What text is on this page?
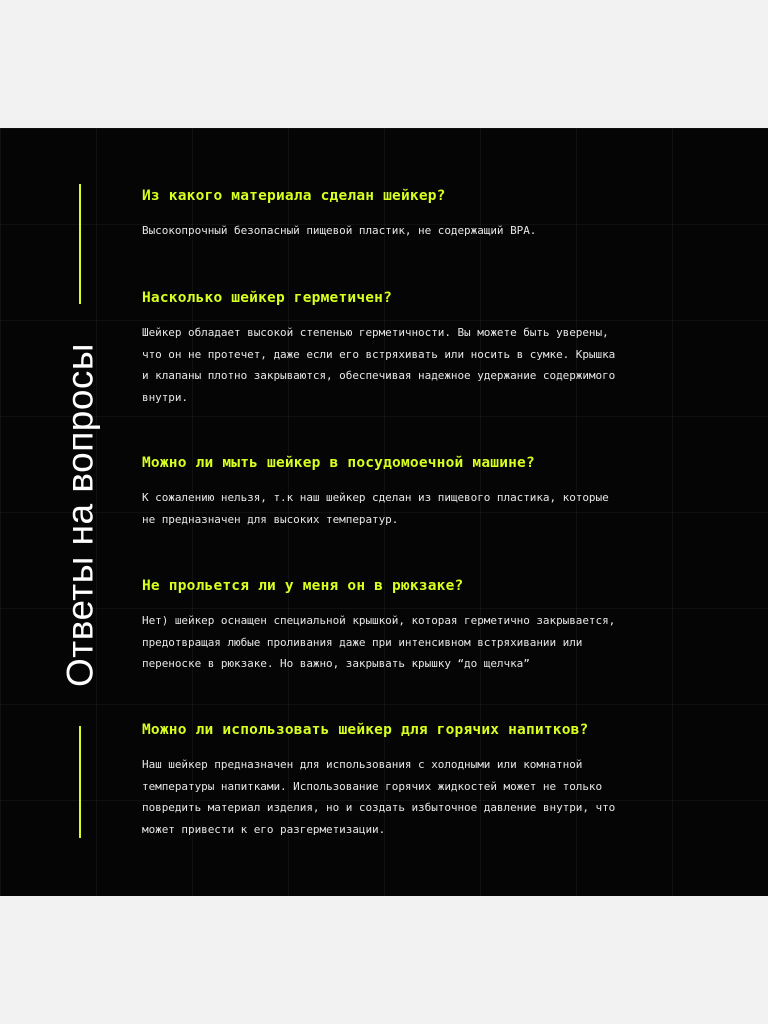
Ответы на вопросы
Из какого материала сделан шейкер?
Высокопрочный безопасный пищевой пластик, не содержащий BPA.
Насколько шейкер герметичен?
Шейкер обладает высокой степенью герметичности. Вы можете быть уверены,
что он не протечет, даже если его встряхивать или носить в сумке. Крышка
и клапаны плотно закрываются, обеспечивая надежное удержание содержимого
внутри.
Можно ли мыть шейкер в посудомоечной машине?
К сожалению нельзя, т.к наш шейкер сделан из пищевого пластика, которые
не предназначен для высоких температур.
Не прольется ли у меня он в рюкзаке?
Нет) шейкер оснащен специальной крышкой, которая герметично закрывается,
предотвращая любые проливания даже при интенсивном встряхивании или
переноске в рюкзаке. Но важно, закрывать крышку “до щелчка”
Можно ли использовать шейкер для горячих напитков?
Наш шейкер предназначен для использования с холодными или комнатной
температуры напитками. Использование горячих жидкостей может не только
повредить материал изделия, но и создать избыточное давление внутри, что
может привести к его разгерметизации.
